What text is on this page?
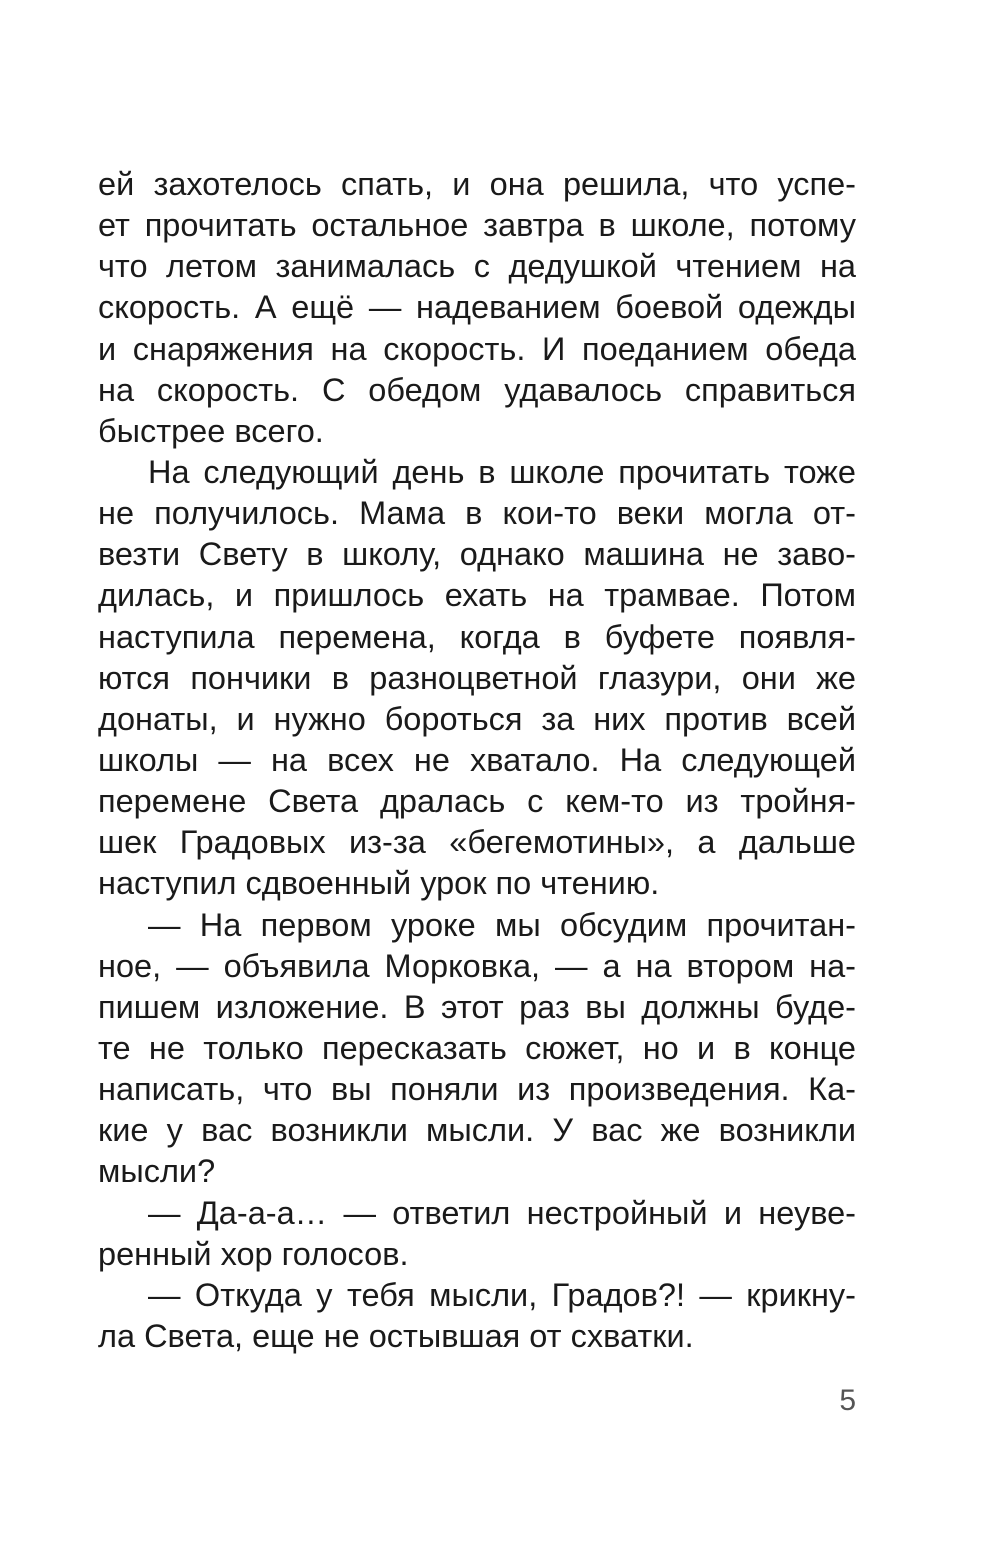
ей захотелось спать, и она решила, что успе-
ет прочитать остальное завтра в школе, потому
что летом занималась с дедушкой чтением на
скорость. А ещё — надеванием боевой одежды
и снаряжения на скорость. И поеданием обеда
на скорость. С обедом удавалось справиться
быстрее всего.
На следующий день в школе прочитать тоже
не получилось. Мама в кои-то веки могла от-
везти Свету в школу, однако машина не заво-
дилась, и пришлось ехать на трамвае. Потом
наступила перемена, когда в буфете появля-
ются пончики в разноцветной глазури, они же
донаты, и нужно бороться за них против всей
школы — на всех не хватало. На следующей
перемене Света дралась с кем-то из тройня-
шек Градовых из-за «бегемотины», а дальше
наступил сдвоенный урок по чтению.
— На первом уроке мы обсудим прочитан-
ное, — объявила Морковка, — а на втором на-
пишем изложение. В этот раз вы должны буде-
те не только пересказать сюжет, но и в конце
написать, что вы поняли из произведения. Ка-
кие у вас возникли мысли. У вас же возникли
мысли?
— Да-а-а… — ответил нестройный и неуве-
ренный хор голосов.
— Откуда у тебя мысли, Градов?! — крикну-
ла Света, еще не остывшая от схватки.
5
